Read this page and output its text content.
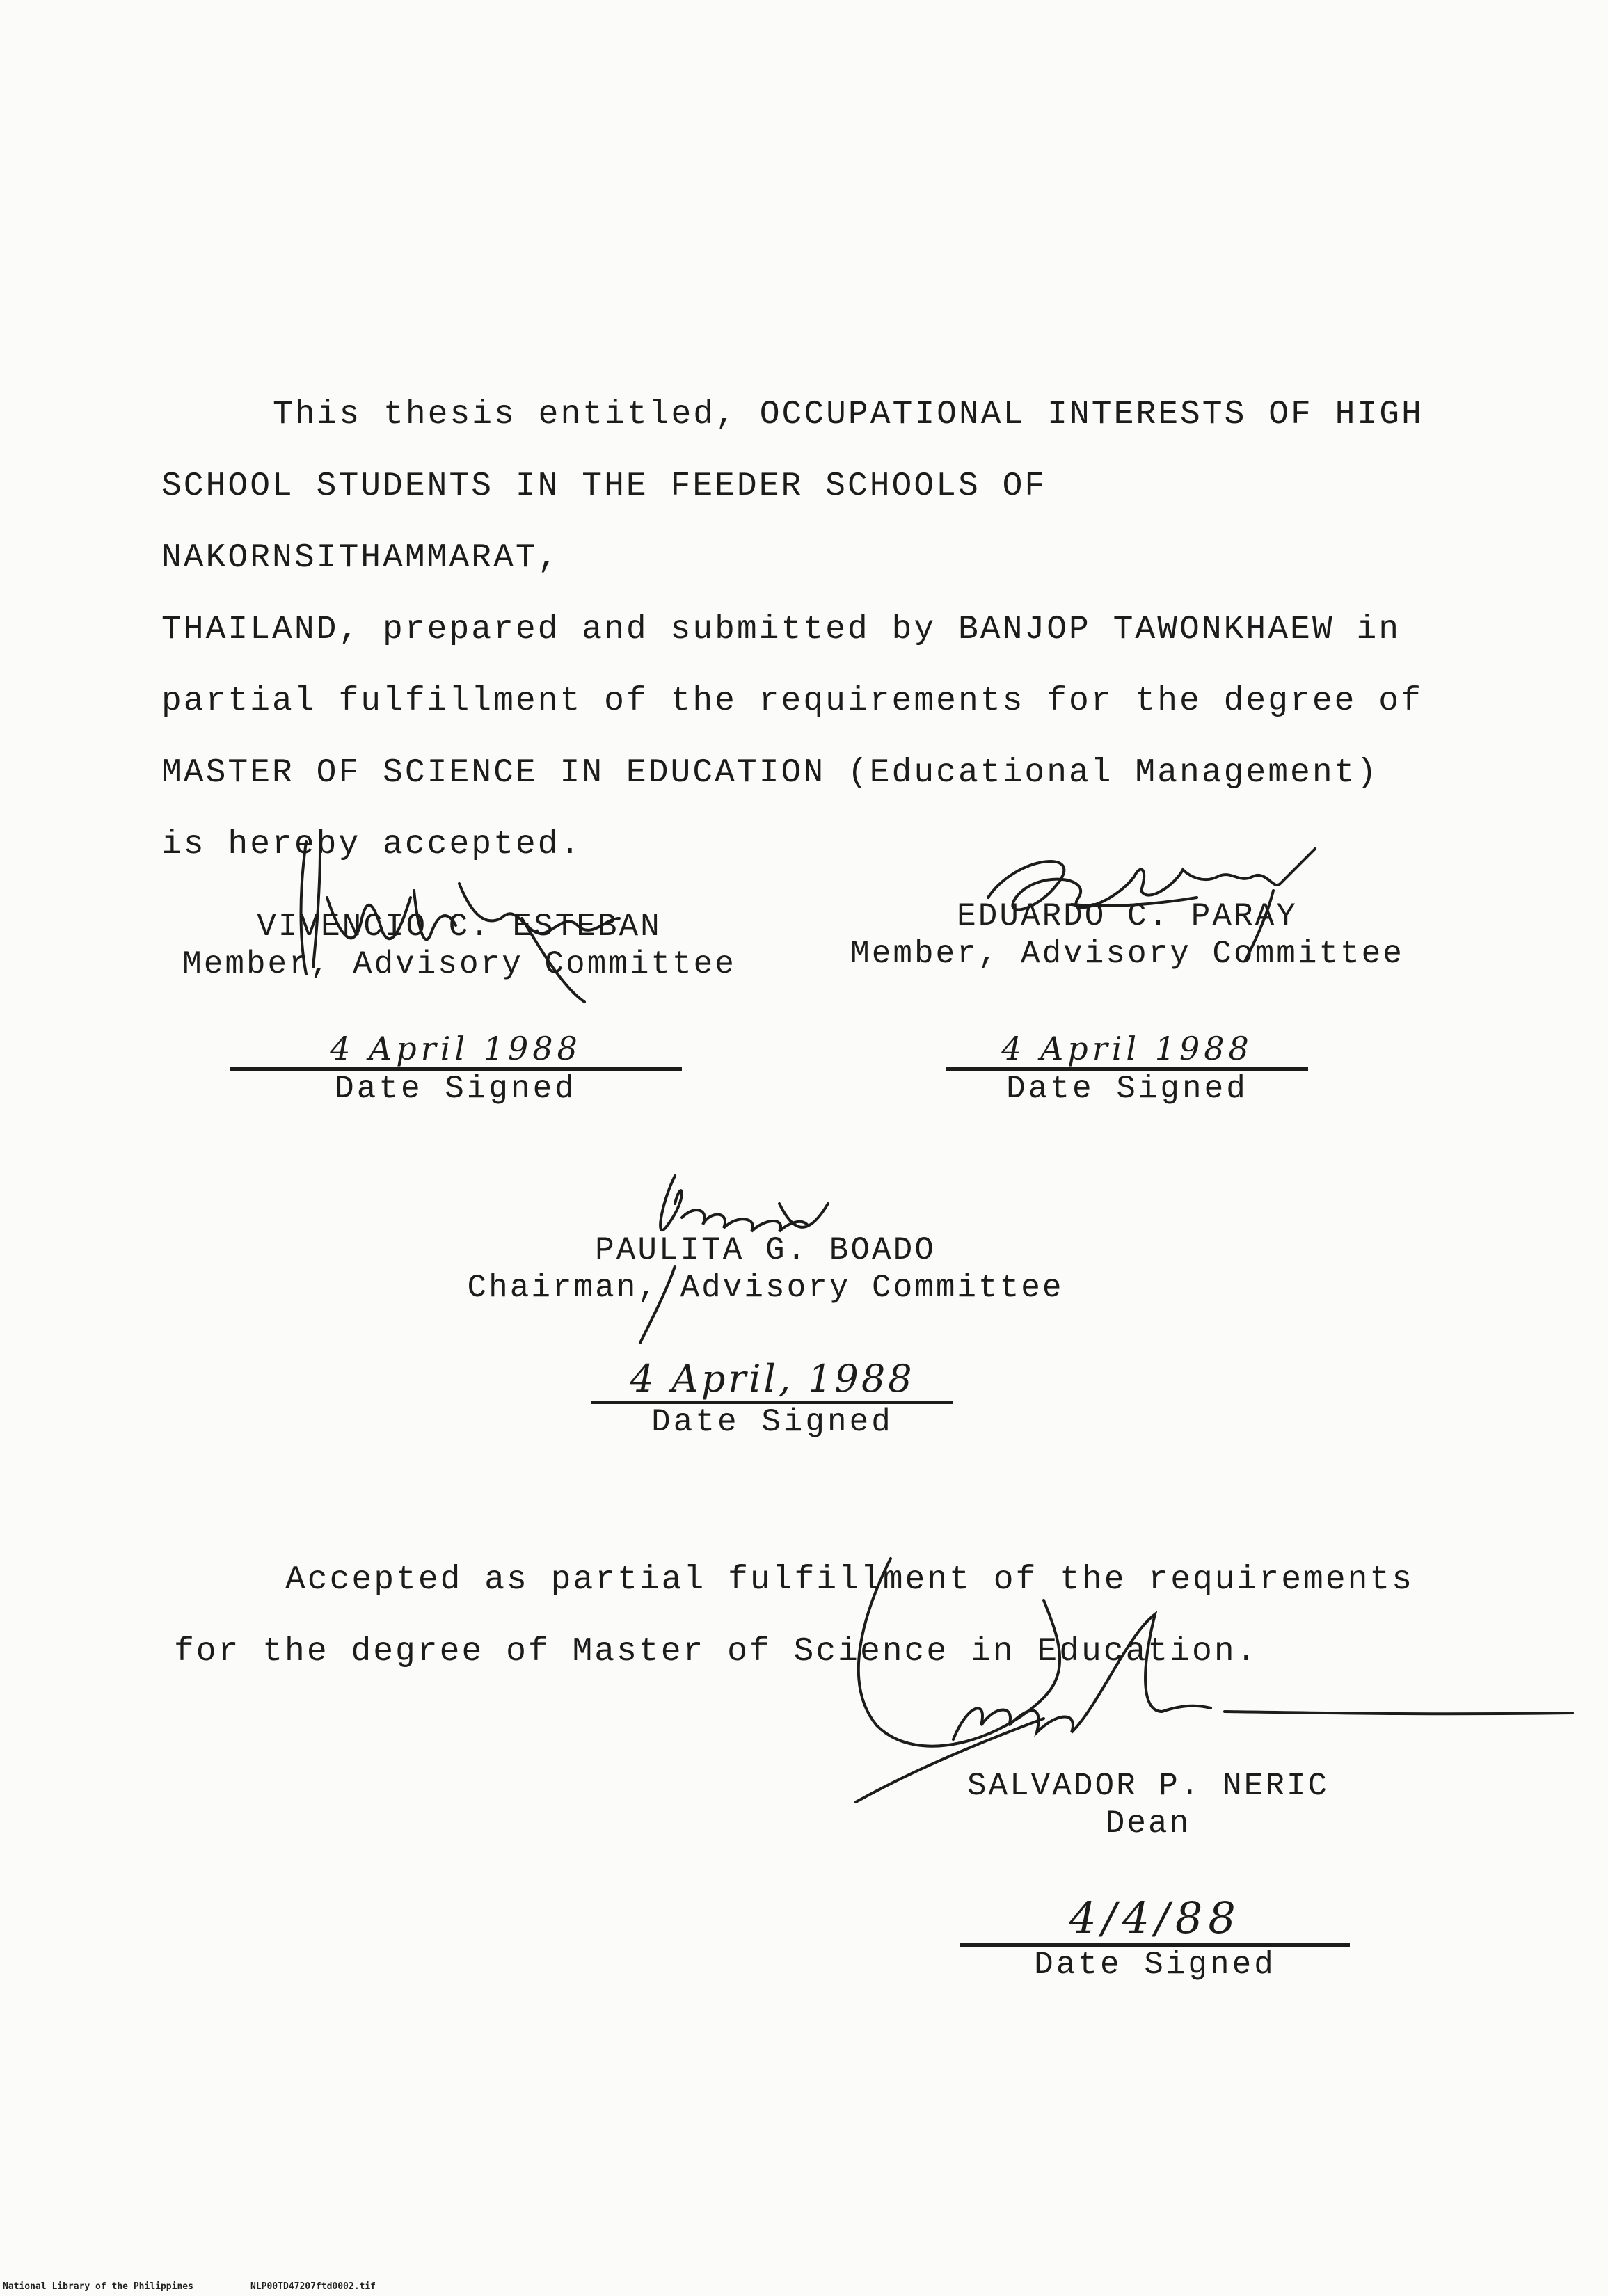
This thesis entitled, OCCUPATIONAL INTERESTS OF HIGH
SCHOOL STUDENTS IN THE FEEDER SCHOOLS OF NAKORNSITHAMMARAT,
THAILAND, prepared and submitted by BANJOP TAWONKHAEW in
partial fulfillment of the requirements for the degree of
MASTER OF SCIENCE IN EDUCATION (Educational Management)
is hereby accepted.
VIVENCIO C. ESTEBAN
Member, Advisory Committee
4 April 1988
Date Signed
EDUARDO C. PARAY
Member, Advisory Committee
4 April 1988
Date Signed
PAULITA G. BOADO
Chairman, Advisory Committee
4 April, 1988
Date Signed
Accepted as partial fulfillment of the requirements
for the degree of Master of Science in Education.
SALVADOR P. NERIC
Dean
4/4/88
Date Signed
National Library of the Philippines	NLP00TD47207ftd0002.tif
